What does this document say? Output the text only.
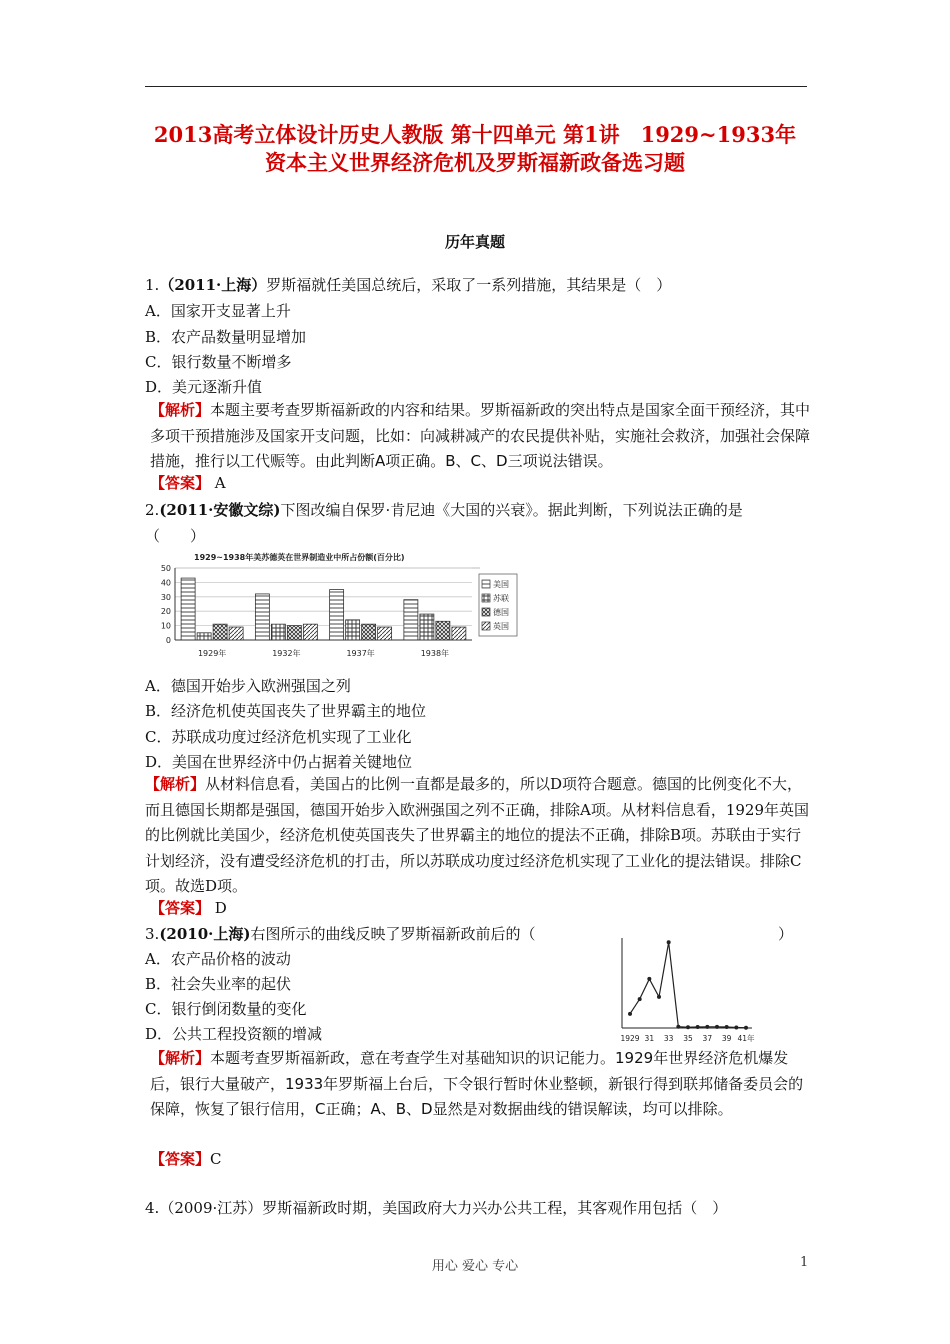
2013高考立体设计历史人教版 第十四单元 第1讲　1929~1933年
资本主义世界经济危机及罗斯福新政备选习题
历年真题
1.（2011·上海）罗斯福就任美国总统后，采取了一系列措施，其结果是（　）
A．国家开支显著上升
B．农产品数量明显增加
C．银行数量不断增多
D．美元逐渐升值
【解析】本题主要考查罗斯福新政的内容和结果。罗斯福新政的突出特点是国家全面干预经济，其中多项干预措施涉及国家开支问题，比如：向减耕减产的农民提供补贴，实施社会救济，加强社会保障措施，推行以工代赈等。由此判断A项正确。B、C、D三项说法错误。
【答案】 A
2.(2011·安徽文综)下图改编自保罗·肯尼迪《大国的兴衰》。据此判断，下列说法正确的是
（　　）
1929~1938年美苏德英在世界制造业中所占份额(百分比)
0
10
20
30
40
50
1929年	1932年	1937年	1938年
美国
苏联
德国
英国
A．德国开始步入欧洲强国之列
B．经济危机使英国丧失了世界霸主的地位
C．苏联成功度过经济危机实现了工业化
D．美国在世界经济中仍占据着关键地位
【解析】从材料信息看，美国占的比例一直都是最多的，所以D项符合题意。德国的比例变化不大，而且德国长期都是强国，德国开始步入欧洲强国之列不正确，排除A项。从材料信息看，1929年英国的比例就比美国少，经济危机使英国丧失了世界霸主的地位的提法不正确，排除B项。苏联由于实行计划经济，没有遭受经济危机的打击，所以苏联成功度过经济危机实现了工业化的提法错误。排除C项。故选D项。
【答案】 D
3.(2010·上海)右图所示的曲线反映了罗斯福新政前后的（	）
A．农产品价格的波动
B．社会失业率的起伏
C．银行倒闭数量的变化
D．公共工程投资额的增减	1929 31 33 35 37 39 41年
【解析】本题考查罗斯福新政，意在考查学生对基础知识的识记能力。1929年世界经济危机爆发后，银行大量破产，1933年罗斯福上台后，下令银行暂时休业整顿，新银行得到联邦储备委员会的保障，恢复了银行信用，C正确；A、B、D显然是对数据曲线的错误解读，均可以排除。
【答案】C
4.（2009·江苏）罗斯福新政时期，美国政府大力兴办公共工程，其客观作用包括（　）
用心 爱心 专心	1
